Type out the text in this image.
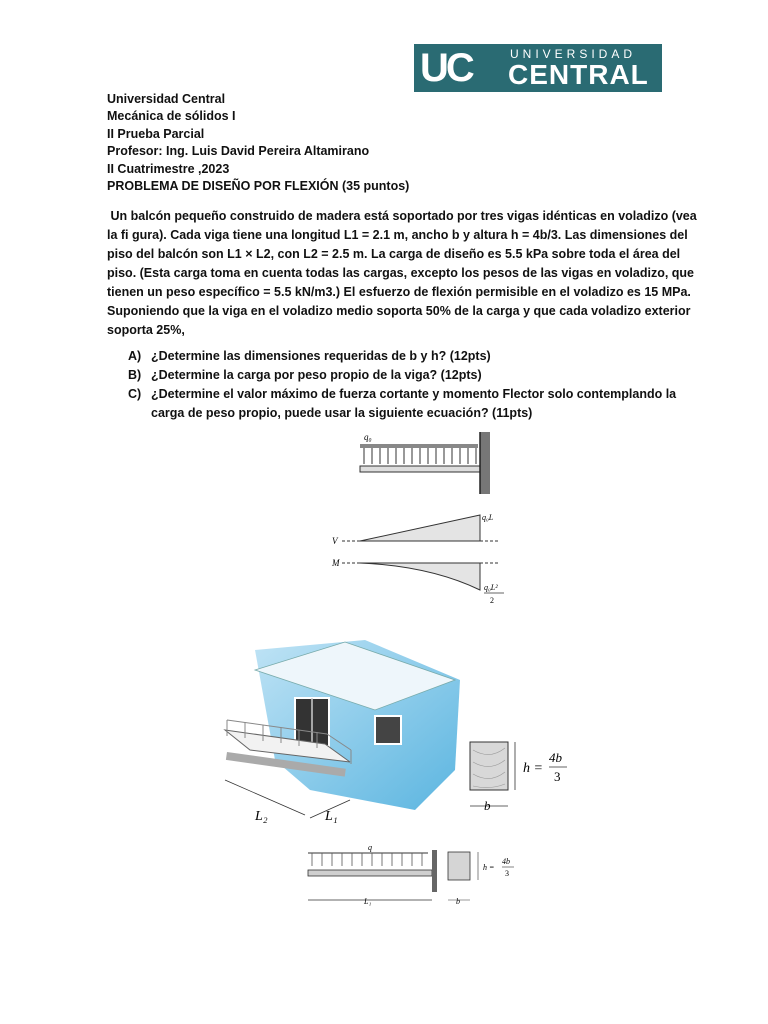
UC	UNIVERSIDAD
CENTRAL
Universidad Central
Mecánica de sólidos I
II Prueba Parcial
Profesor: Ing. Luis David Pereira Altamirano
II Cuatrimestre ,2023
PROBLEMA DE DISEÑO POR FLEXIÓN (35 puntos)

Un balcón pequeño construido de madera está soportado por tres vigas idénticas en voladizo (vea

la fi gura). Cada viga tiene una longitud L1 = 2.1 m, ancho b y altura h = 4b/3. Las dimensiones del

piso del balcón son L1 × L2, con L2 = 2.5 m. La carga de diseño es 5.5 kPa sobre toda el área del

piso. (Esta carga toma en cuenta todas las cargas, excepto los pesos de las vigas en voladizo, que

tienen un peso específico = 5.5 kN/m3.) El esfuerzo de flexión permisible en el voladizo es 15 MPa.

Suponiendo que la viga en el voladizo medio soporta 50% de la carga y que cada voladizo exterior

soporta 25%,

A) ¿Determine las dimensiones requeridas de b y h? (12pts)
B) ¿Determine la carga por peso propio de la viga? (12pts)
C) ¿Determine el valor máximo de fuerza cortante y momento Flector solo contemplando la
carga de peso propio, puede usar la siguiente ecuación? (11pts)
q₀
V
q₀L
M
q₀L²
2
L₂	L₁
h =
4b
3
b
q
L₁
h =
4b
3
b
